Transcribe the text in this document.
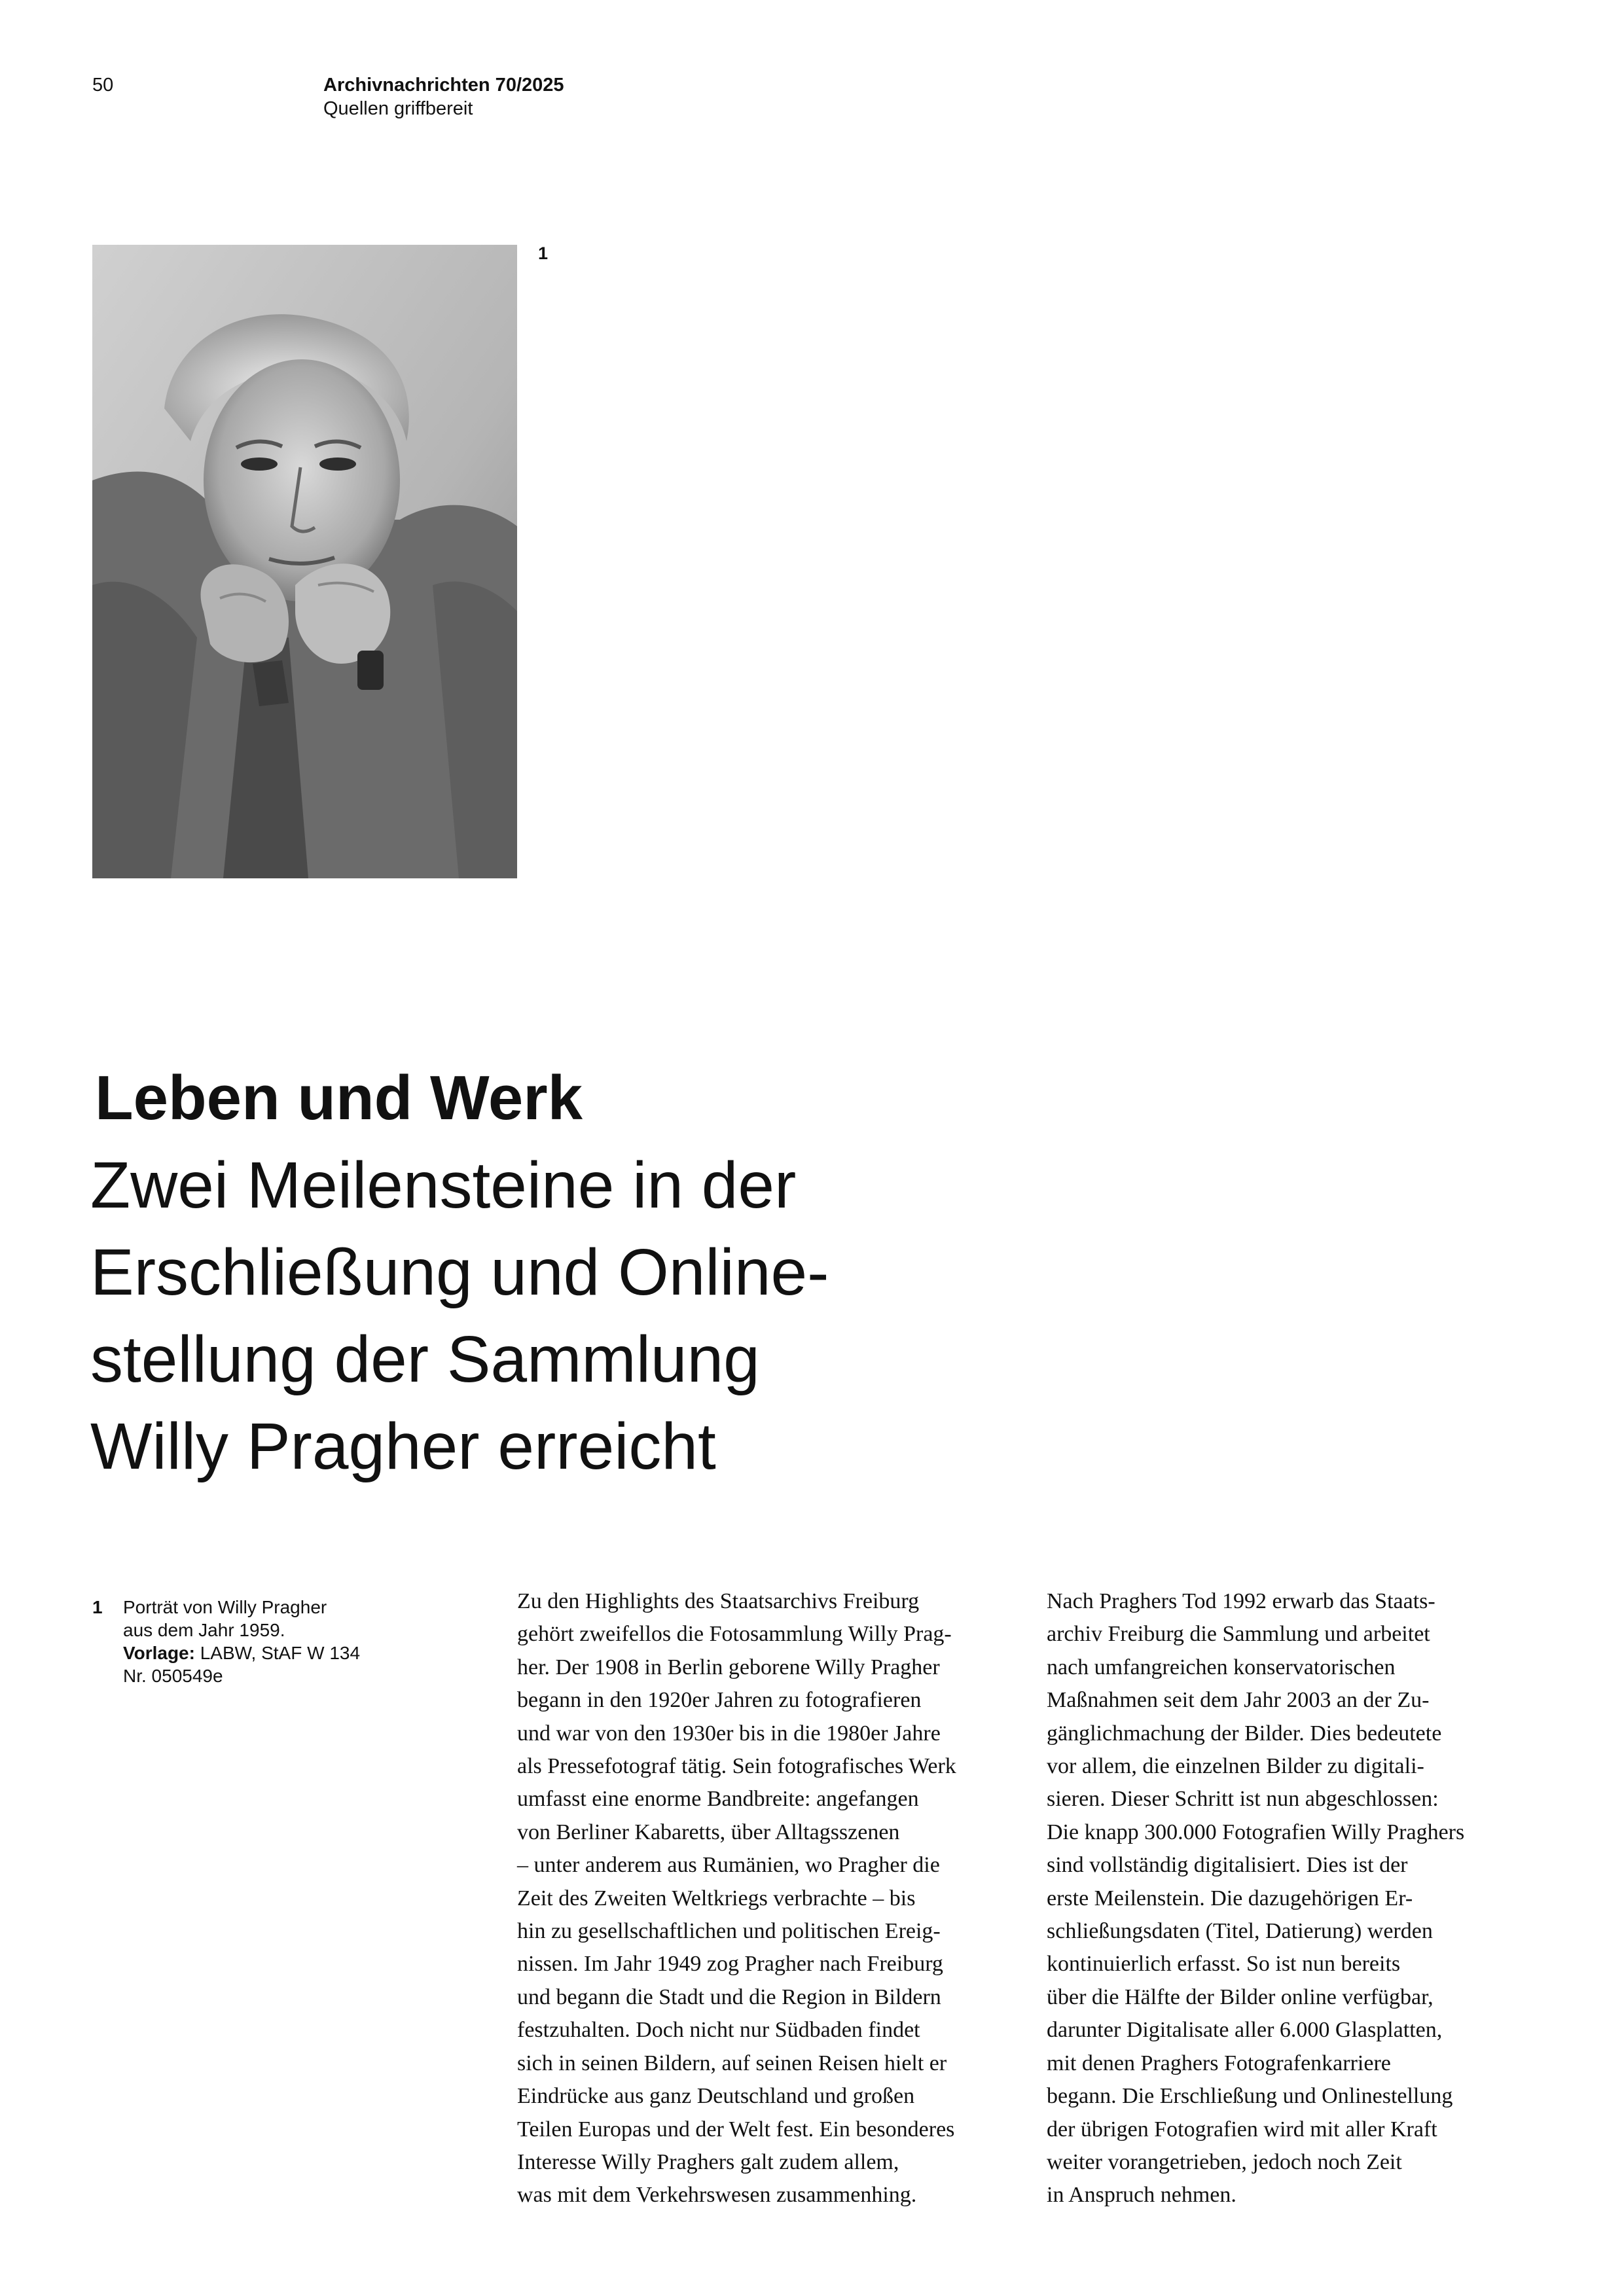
50	Archivnachrichten 70/2025
Quellen griffbereit
1
Leben und Werk
Zwei Meilensteine in der
Erschließung und Online-
stellung der Sammlung
Willy Pragher erreicht
1 Porträt von Willy Pragher
aus dem Jahr 1959.
Vorlage: LABW, StAF W 134
Nr. 050549e
Zu den Highlights des Staatsarchivs Freiburg
gehört zweifellos die Fotosammlung Willy Prag-
her. Der 1908 in Berlin geborene Willy Pragher
begann in den 1920er Jahren zu fotografieren
und war von den 1930er bis in die 1980er Jahre
als Pressefotograf tätig. Sein fotografisches Werk
umfasst eine enorme Bandbreite: angefangen
von Berliner Kabaretts, über Alltagsszenen
– unter anderem aus Rumänien, wo Pragher die
Zeit des Zweiten Weltkriegs verbrachte – bis
hin zu gesellschaftlichen und politischen Ereig-
nissen. Im Jahr 1949 zog Pragher nach Freiburg
und begann die Stadt und die Region in Bildern
festzuhalten. Doch nicht nur Südbaden findet
sich in seinen Bildern, auf seinen Reisen hielt er
Eindrücke aus ganz Deutschland und großen
Teilen Europas und der Welt fest. Ein besonderes
Interesse Willy Praghers galt zudem allem,
was mit dem Verkehrswesen zusammenhing.
Nach Praghers Tod 1992 erwarb das Staats-
archiv Freiburg die Sammlung und arbeitet
nach umfangreichen konservatorischen
Maßnahmen seit dem Jahr 2003 an der Zu-
gänglichmachung der Bilder. Dies bedeutete
vor allem, die einzelnen Bilder zu digitali-
sieren. Dieser Schritt ist nun abgeschlossen:
Die knapp 300.000 Fotografien Willy Praghers
sind vollständig digitalisiert. Dies ist der
erste Meilenstein. Die dazugehörigen Er-
schließungsdaten (Titel, Datierung) werden
kontinuierlich erfasst. So ist nun bereits
über die Hälfte der Bilder online verfügbar,
darunter Digitalisate aller 6.000 Glasplatten,
mit denen Praghers Fotografenkarriere
begann. Die Erschließung und Onlinestellung
der übrigen Fotografien wird mit aller Kraft
weiter vorangetrieben, jedoch noch Zeit
in Anspruch nehmen.
